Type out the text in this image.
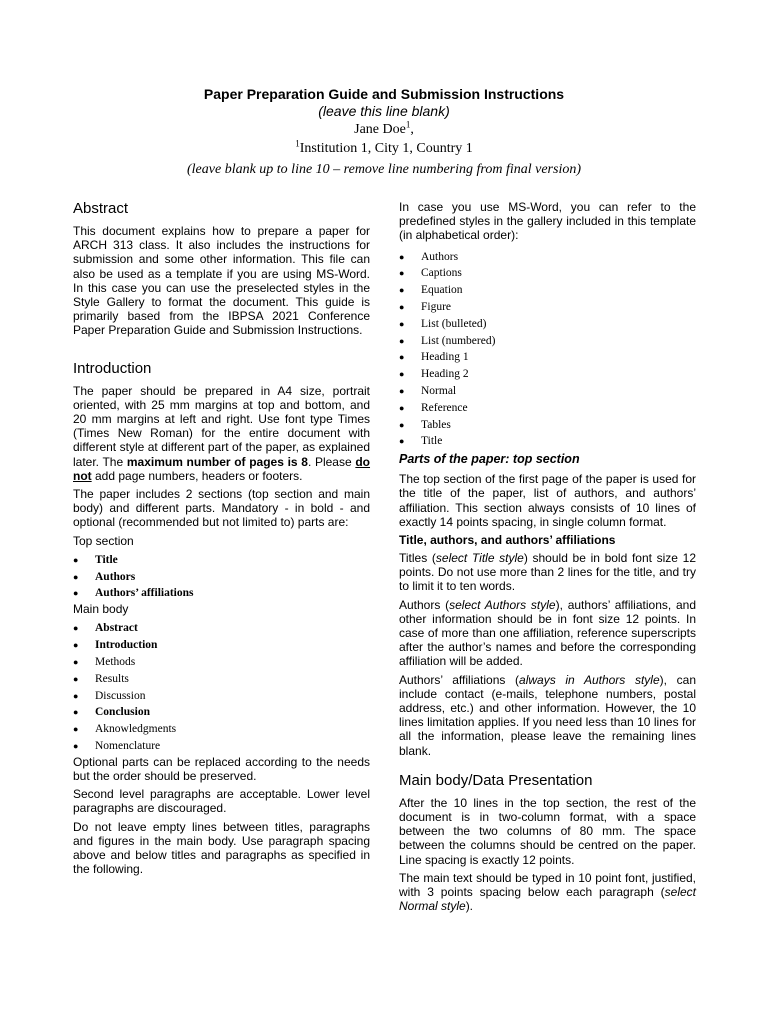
Paper Preparation Guide and Submission Instructions

(leave this line blank)

Jane Doe$^1$,

$^1$Institution 1, City 1, Country 1

(leave blank up to line 10 – remove line numbering from final version)

Abstract

This document explains how to prepare a paper for ARCH 313 class. It also includes the instructions for submission and some other information. This file can also be used as a template if you are using MS-Word. In this case you can use the preselected styles in the Style Gallery to format the document. This guide is primarily based from the IBPSA 2021 Conference Paper Preparation Guide and Submission Instructions.

Introduction

The paper should be prepared in A4 size, portrait oriented, with 25 mm margins at top and bottom, and 20 mm margins at left and right. Use font type Times (Times New Roman) for the entire document with different style at different part of the paper, as explained later. The maximum number of pages is 8. Please do not add page numbers, headers or footers.

The paper includes 2 sections (top section and main body) and different parts. Mandatory - in bold - and optional (recommended but not limited to) parts are:

Top section

● Title
● Authors
● Authors’ affiliations

Main body

● Abstract
● Introduction
● Methods
● Results
● Discussion
● Conclusion
● Aknowledgments
● Nomenclature

Optional parts can be replaced according to the needs but the order should be preserved.

Second level paragraphs are acceptable. Lower level paragraphs are discouraged.

Do not leave empty lines between titles, paragraphs and figures in the main body. Use paragraph spacing above and below titles and paragraphs as specified in the following.

In case you use MS-Word, you can refer to the predefined styles in the gallery included in this template (in alphabetical order):

● Authors
● Captions
● Equation
● Figure
● List (bulleted)
● List (numbered)
● Heading 1
● Heading 2
● Normal
● Reference
● Tables
● Title
Parts of the paper: top section

The top section of the first page of the paper is used for the title of the paper, list of authors, and authors’ affiliation. This section always consists of 10 lines of exactly 14 points spacing, in single column format.

Title, authors, and authors’ affiliations

Titles (select Title style) should be in bold font size 12 points. Do not use more than 2 lines for the title, and try to limit it to ten words.

Authors (select Authors style), authors’ affiliations, and other information should be in font size 12 points. In case of more than one affiliation, reference superscripts after the author’s names and before the corresponding affiliation will be added.

Authors’ affiliations (always in Authors style), can include contact (e-mails, telephone numbers, postal address, etc.) and other information. However, the 10 lines limitation applies. If you need less than 10 lines for all the information, please leave the remaining lines blank.

Main body/Data Presentation

After the 10 lines in the top section, the rest of the document is in two-column format, with a space between the two columns of 80 mm. The space between the columns should be centred on the paper. Line spacing is exactly 12 points.

The main text should be typed in 10 point font, justified, with 3 points spacing below each paragraph (select Normal style).
